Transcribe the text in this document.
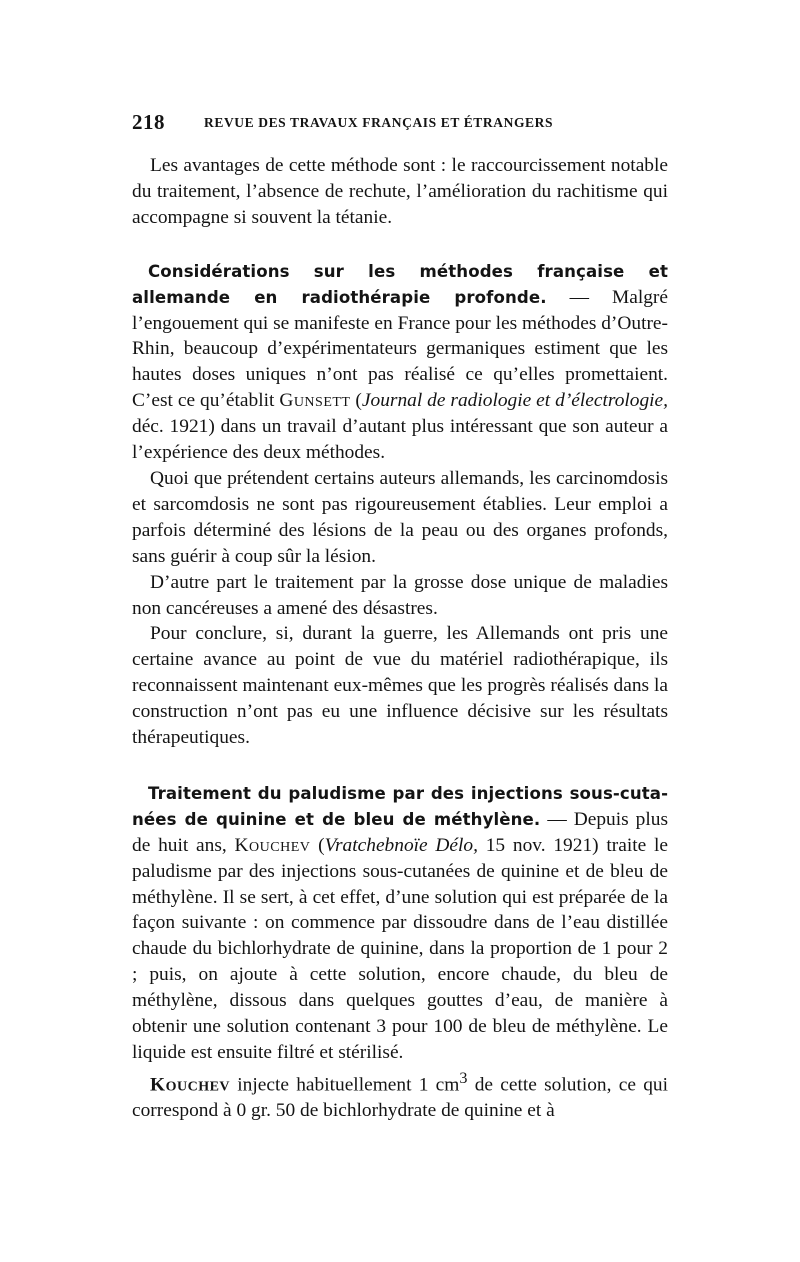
218	REVUE DES TRAVAUX FRANÇAIS ET ÉTRANGERS

Les avantages de cette méthode sont : le raccourcissement notable du traitement, l’absence de rechute, l’amélioration du rachitisme qui accompagne si souvent la tétanie.

Considérations sur les méthodes française et allemande en radiothérapie profonde. — Malgré l’engouement qui se manifeste en France pour les méthodes d’Outre-Rhin, beaucoup d’expérimentateurs germaniques estiment que les hautes doses uniques n’ont pas réalisé ce qu’elles promettaient. C’est ce qu’établit Gunsett (Journal de radiologie et d’électrologie, déc. 1921) dans un travail d’autant plus intéressant que son auteur a l’expérience des deux méthodes.

Quoi que prétendent certains auteurs allemands, les carcinomdosis et sarcomdosis ne sont pas rigoureusement établies. Leur emploi a parfois déterminé des lésions de la peau ou des organes profonds, sans guérir à coup sûr la lésion.

D’autre part le traitement par la grosse dose unique de maladies non cancéreuses a amené des désastres.

Pour conclure, si, durant la guerre, les Allemands ont pris une certaine avance au point de vue du matériel radiothérapique, ils reconnaissent maintenant eux-mêmes que les progrès réalisés dans la construction n’ont pas eu une influence décisive sur les résultats thérapeutiques.

Traitement du paludisme par des injections sous-cutanées de quinine et de bleu de méthylène. — Depuis plus de huit ans, Kouchev (Vratchebnoïe Délo, 15 nov. 1921) traite le paludisme par des injections sous-cutanées de quinine et de bleu de méthylène. Il se sert, à cet effet, d’une solution qui est préparée de la façon suivante : on commence par dissoudre dans de l’eau distillée chaude du bichlorhydrate de quinine, dans la proportion de 1 pour 2 ; puis, on ajoute à cette solution, encore chaude, du bleu de méthylène, dissous dans quelques gouttes d’eau, de manière à obtenir une solution contenant 3 pour 100 de bleu de méthylène. Le liquide est ensuite filtré et stérilisé.

Kouchev injecte habituellement 1 $cm^3$ de cette solution, ce qui correspond à 0 gr. 50 de bichlorhydrate de quinine et à
